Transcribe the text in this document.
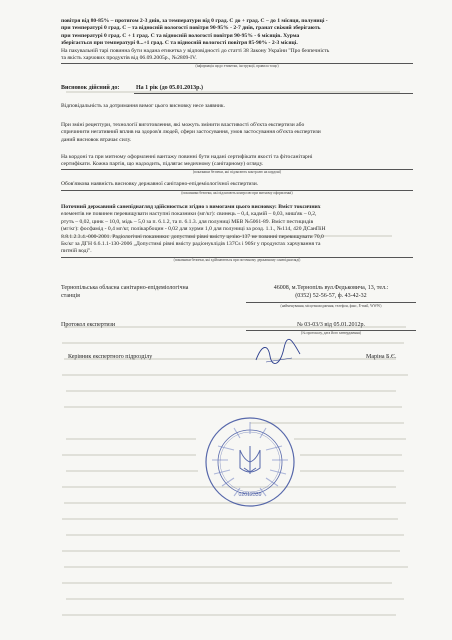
повітря від 80-85% – протягом 2-3 днів, за температури від 0 град. С до + град. С – до 1 місяця, полуниці -
при температурі 0 град. С – та відносній вологості повітря 90-95% - 2-7 днів, гранат свіжий зберігають
при температурі 0 град. С + 1 град. С та відносній вологості повітря 90-95% - 6 місяців. Хурма
зберігається при температурі 0...+1 град. С та відносній вологості повітря 85-90% - 2-3 місяці.
На пакувальній тарі повинна бути надана етикетка у відповідності до статті 38 Закону України "Про безпечність
та якість харчових продуктів від 06.09.2005р., №2809-IV.
(інформація щодо етикетки, інструкції, правила тощо)
Висновок дійсний до:	На 1 рік (до 05.01.2013р.)
Відповідальність за дотримання вимог цього висновку несе заявник.
При зміні рецептури, технології виготовлення, які можуть змінити властивості об'єкта експертизи або
спричинити негативний вплив на здоров'я людей, сфери застосування, умов застосування об'єкта експертизи
даний висновок втрачає силу.
На кордоні та при митному оформленні вантажу повинні бути надані сертифікати якості та фітосанітарні
сертифікати. Кожна партія, що надходить, підлягає медичному (санітарному) огляду.
(показники безпеки, які підлягають контролю на кордоні)
Обов'язкова наявність висновку державної санітарно-епідеміологічної експертизи.
(показники безпеки, які підлягають контролю при митному оформленні)
Поточний державний санепіднагляд здійснюється згідно з вимогами цього висновку: Вміст токсичних
елементів не повинен перевищувати наступні показники (мг/кг): свинець – 0,4, кадмій – 0,03, миш'як – 0,2,
ртуть – 0,02, цинк – 10,0, мідь – 5,0 за п. 6.1.2, та п. 6.1.3. для полуниці МБВ №5061-89. Вміст пестицидів
(мг/кг): фосфамід - 0,4 мг/кг, полікарбоцин - 0,02 для хурми 1,0 для полуниці за розд. 1.1., №114, 420 ДСанПіН
8.8.1.2.3.4.-000-2001. Радіологічні показники: допустимі рівні вмісту цезію-137 не повинні перевищувати 70,0
Бк/кг за ДГН 6.6.1.1-130-2006 „Допустимі рівні вмісту радіонуклідів 137Cs і 90Sr у продуктах харчування та
питній воді".
(показники безпеки, які здійснюються при поточному державному санепіднагляді)
Тернопільська обласна санітарно-епідеміологічна
станція
46008, м.Тернопіль вул.Федьковича, 13, тел.:
(0352) 52-56-57, ф. 43-42-32
(найменування, місцезнаходження, телефон, факс, E-mail, WWW)
Протокол експертизи	№ 03-03/3 від 05.01.2012р.
(№ протоколу, дата його затвердження)
Керівник експертного підрозділу	Маріна Б.Є.
02012339
